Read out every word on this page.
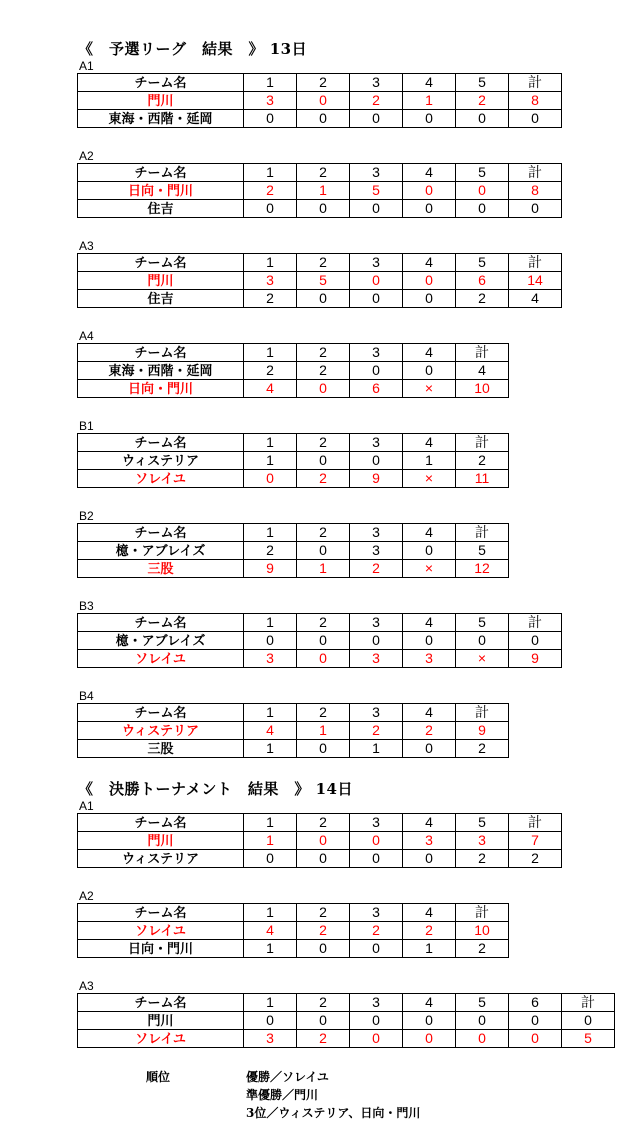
《　予選リーグ　結果　》 13日
《　決勝トーナメント　結果　》 14日
A1
チーム名	1	2	3	4	5	計
門川	3	0	2	1	2	8
東海・西階・延岡	0	0	0	0	0	0
A2
チーム名	1	2	3	4	5	計
日向・門川	2	1	5	0	0	8
住吉	0	0	0	0	0	0
A3
チーム名	1	2	3	4	5	計
門川	3	5	0	0	6	14
住吉	2	0	0	0	2	4
A4
チーム名	1	2	3	4	計
東海・西階・延岡	2	2	0	0	4
日向・門川	4	0	6	×	10
B1
チーム名	1	2	3	4	計
ウィステリア	1	0	0	1	2
ソレイユ	0	2	9	×	11
B2
チーム名	1	2	3	4	計
檍・アブレイズ	2	0	3	0	5
三股	9	1	2	×	12
B3
チーム名	1	2	3	4	5	計
檍・アブレイズ	0	0	0	0	0	0
ソレイユ	3	0	3	3	×	9
B4
チーム名	1	2	3	4	計
ウィステリア	4	1	2	2	9
三股	1	0	1	0	2
A1
チーム名	1	2	3	4	5	計
門川	1	0	0	3	3	7
ウィステリア	0	0	0	0	2	2
A2
チーム名	1	2	3	4	計
ソレイユ	4	2	2	2	10
日向・門川	1	0	0	1	2
A3
チーム名	1	2	3	4	5	6	計
門川	0	0	0	0	0	0	0
ソレイユ	3	2	0	0	0	0	5
順位	優勝／ソレイユ
準優勝／門川
3位／ウィステリア、日向・門川
